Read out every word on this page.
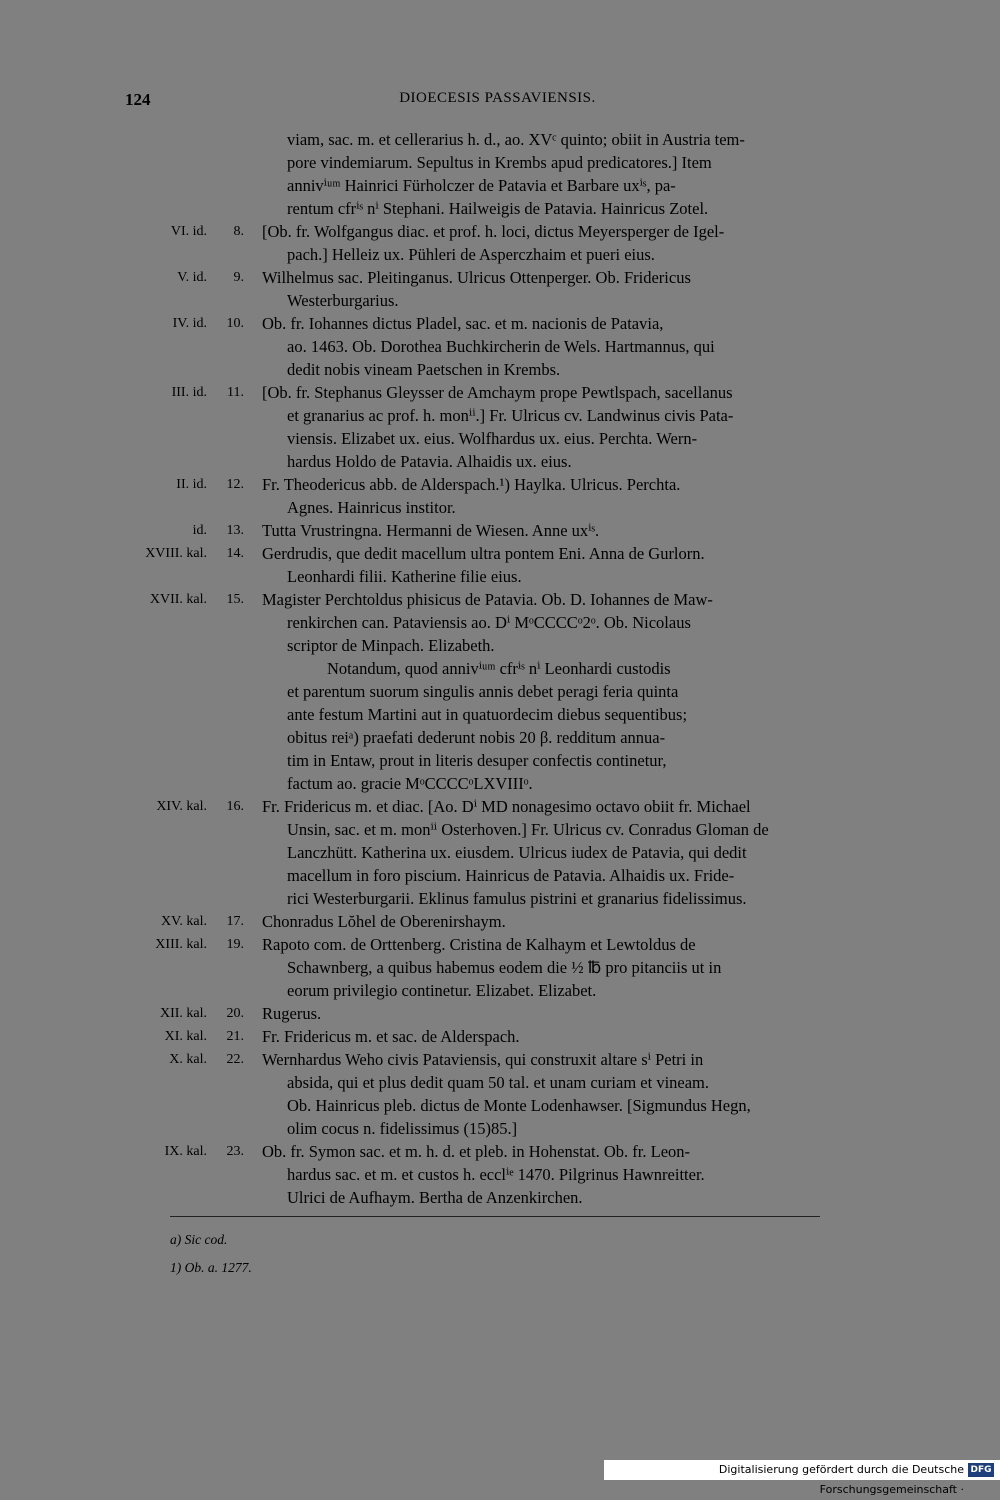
124	DIOECESIS PASSAVIENSIS.
viam, sac. m. et cellerarius h. d., ao. XVᶜ quinto; obiit in Austria tem-
pore vindemiarum. Sepultus in Krembs apud predicatores.] Item
annivⁱᵘᵐ Hainrici Fürholczer de Patavia et Barbare uxⁱˢ, pa-
rentum cfrⁱˢ nⁱ Stephani. Hailweigis de Patavia. Hainricus Zotel.
VI. id.	8. [Ob. fr. Wolfgangus diac. et prof. h. loci, dictus Meyersperger de Igel-
pach.] Helleiz ux. Pühleri de Asperczhaim et pueri eius.
V. id.	9. Wilhelmus sac. Pleitinganus. Ulricus Ottenperger. Ob. Fridericus
Westerburgarius.
IV. id.	10. Ob. fr. Iohannes dictus Pladel, sac. et m. nacionis de Patavia,
ao. 1463. Ob. Dorothea Buchkircherin de Wels. Hartmannus, qui
dedit nobis vineam Paetschen in Krembs.
III. id.	11. [Ob. fr. Stephanus Gleysser de Amchaym prope Pewtlspach, sacellanus
et granarius ac prof. h. monⁱⁱ.] Fr. Ulricus cv. Landwinus civis Pata-
viensis. Elizabet ux. eius. Wolfhardus ux. eius. Perchta. Wern-
hardus Holdo de Patavia. Alhaidis ux. eius.
II. id.	12. Fr. Theodericus abb. de Alderspach.¹) Haylka. Ulricus. Perchta.
Agnes. Hainricus institor.
id.	13. Tutta Vrustringna. Hermanni de Wiesen. Anne uxⁱˢ.
XVIII. kal.	14. Gerdrudis, que dedit macellum ultra pontem Eni. Anna de Gurlorn.
Leonhardi filii. Katherine filie eius.
XVII. kal.	15. Magister Perchtoldus phisicus de Patavia. Ob. D. Iohannes de Maw-
renkirchen can. Pataviensis ao. Dⁱ MᵒCCCCᵒ2ᵒ. Ob. Nicolaus
scriptor de Minpach. Elizabeth.
Notandum, quod annivⁱᵘᵐ cfrⁱˢ nⁱ Leonhardi custodis
et parentum suorum singulis annis debet peragi feria quinta
ante festum Martini aut in quatuordecim diebus sequentibus;
obitus reiᵃ) praefati dederunt nobis 20 β. redditum annua-
tim in Entaw, prout in literis desuper confectis continetur,
factum ao. gracie MᵒCCCCᵒLXVIIIᵒ.
XIV. kal.	16. Fr. Fridericus m. et diac. [Ao. Dⁱ MD nonagesimo octavo obiit fr. Michael
Unsin, sac. et m. monⁱⁱ Osterhoven.] Fr. Ulricus cv. Conradus Gloman de
Lanczhütt. Katherina ux. eiusdem. Ulricus iudex de Patavia, qui dedit
macellum in foro piscium. Hainricus de Patavia. Alhaidis ux. Fride-
rici Westerburgarii. Eklinus famulus pistrini et granarius fidelissimus.
XV. kal.	17. Chonradus Lŏhel de Oberenirshaym.
XIII. kal.	19. Rapoto com. de Orttenberg. Cristina de Kalhaym et Lewtoldus de
Schawnberg, a quibus habemus eodem die ½ ℔ pro pitanciis ut in
eorum privilegio continetur. Elizabet. Elizabet.
XII. kal.	20. Rugerus.
XI. kal.	21. Fr. Fridericus m. et sac. de Alderspach.
X. kal.	22. Wernhardus Weho civis Pataviensis, qui construxit altare sⁱ Petri in
absida, qui et plus dedit quam 50 tal. et unam curiam et vineam.
Ob. Hainricus pleb. dictus de Monte Lodenhawser. [Sigmundus Hegn,
olim cocus n. fidelissimus (15)85.]
IX. kal.	23. Ob. fr. Symon sac. et m. h. d. et pleb. in Hohenstat. Ob. fr. Leon-
hardus sac. et m. et custos h. ecclⁱᵉ 1470. Pilgrinus Hawnreitter.
Ulrici de Aufhaym. Bertha de Anzenkirchen.
a) Sic cod.
1) Ob. a. 1277.
Digitalisierung gefördert durch die Deutsche Forschungsgemeinschaft ·
DFG
